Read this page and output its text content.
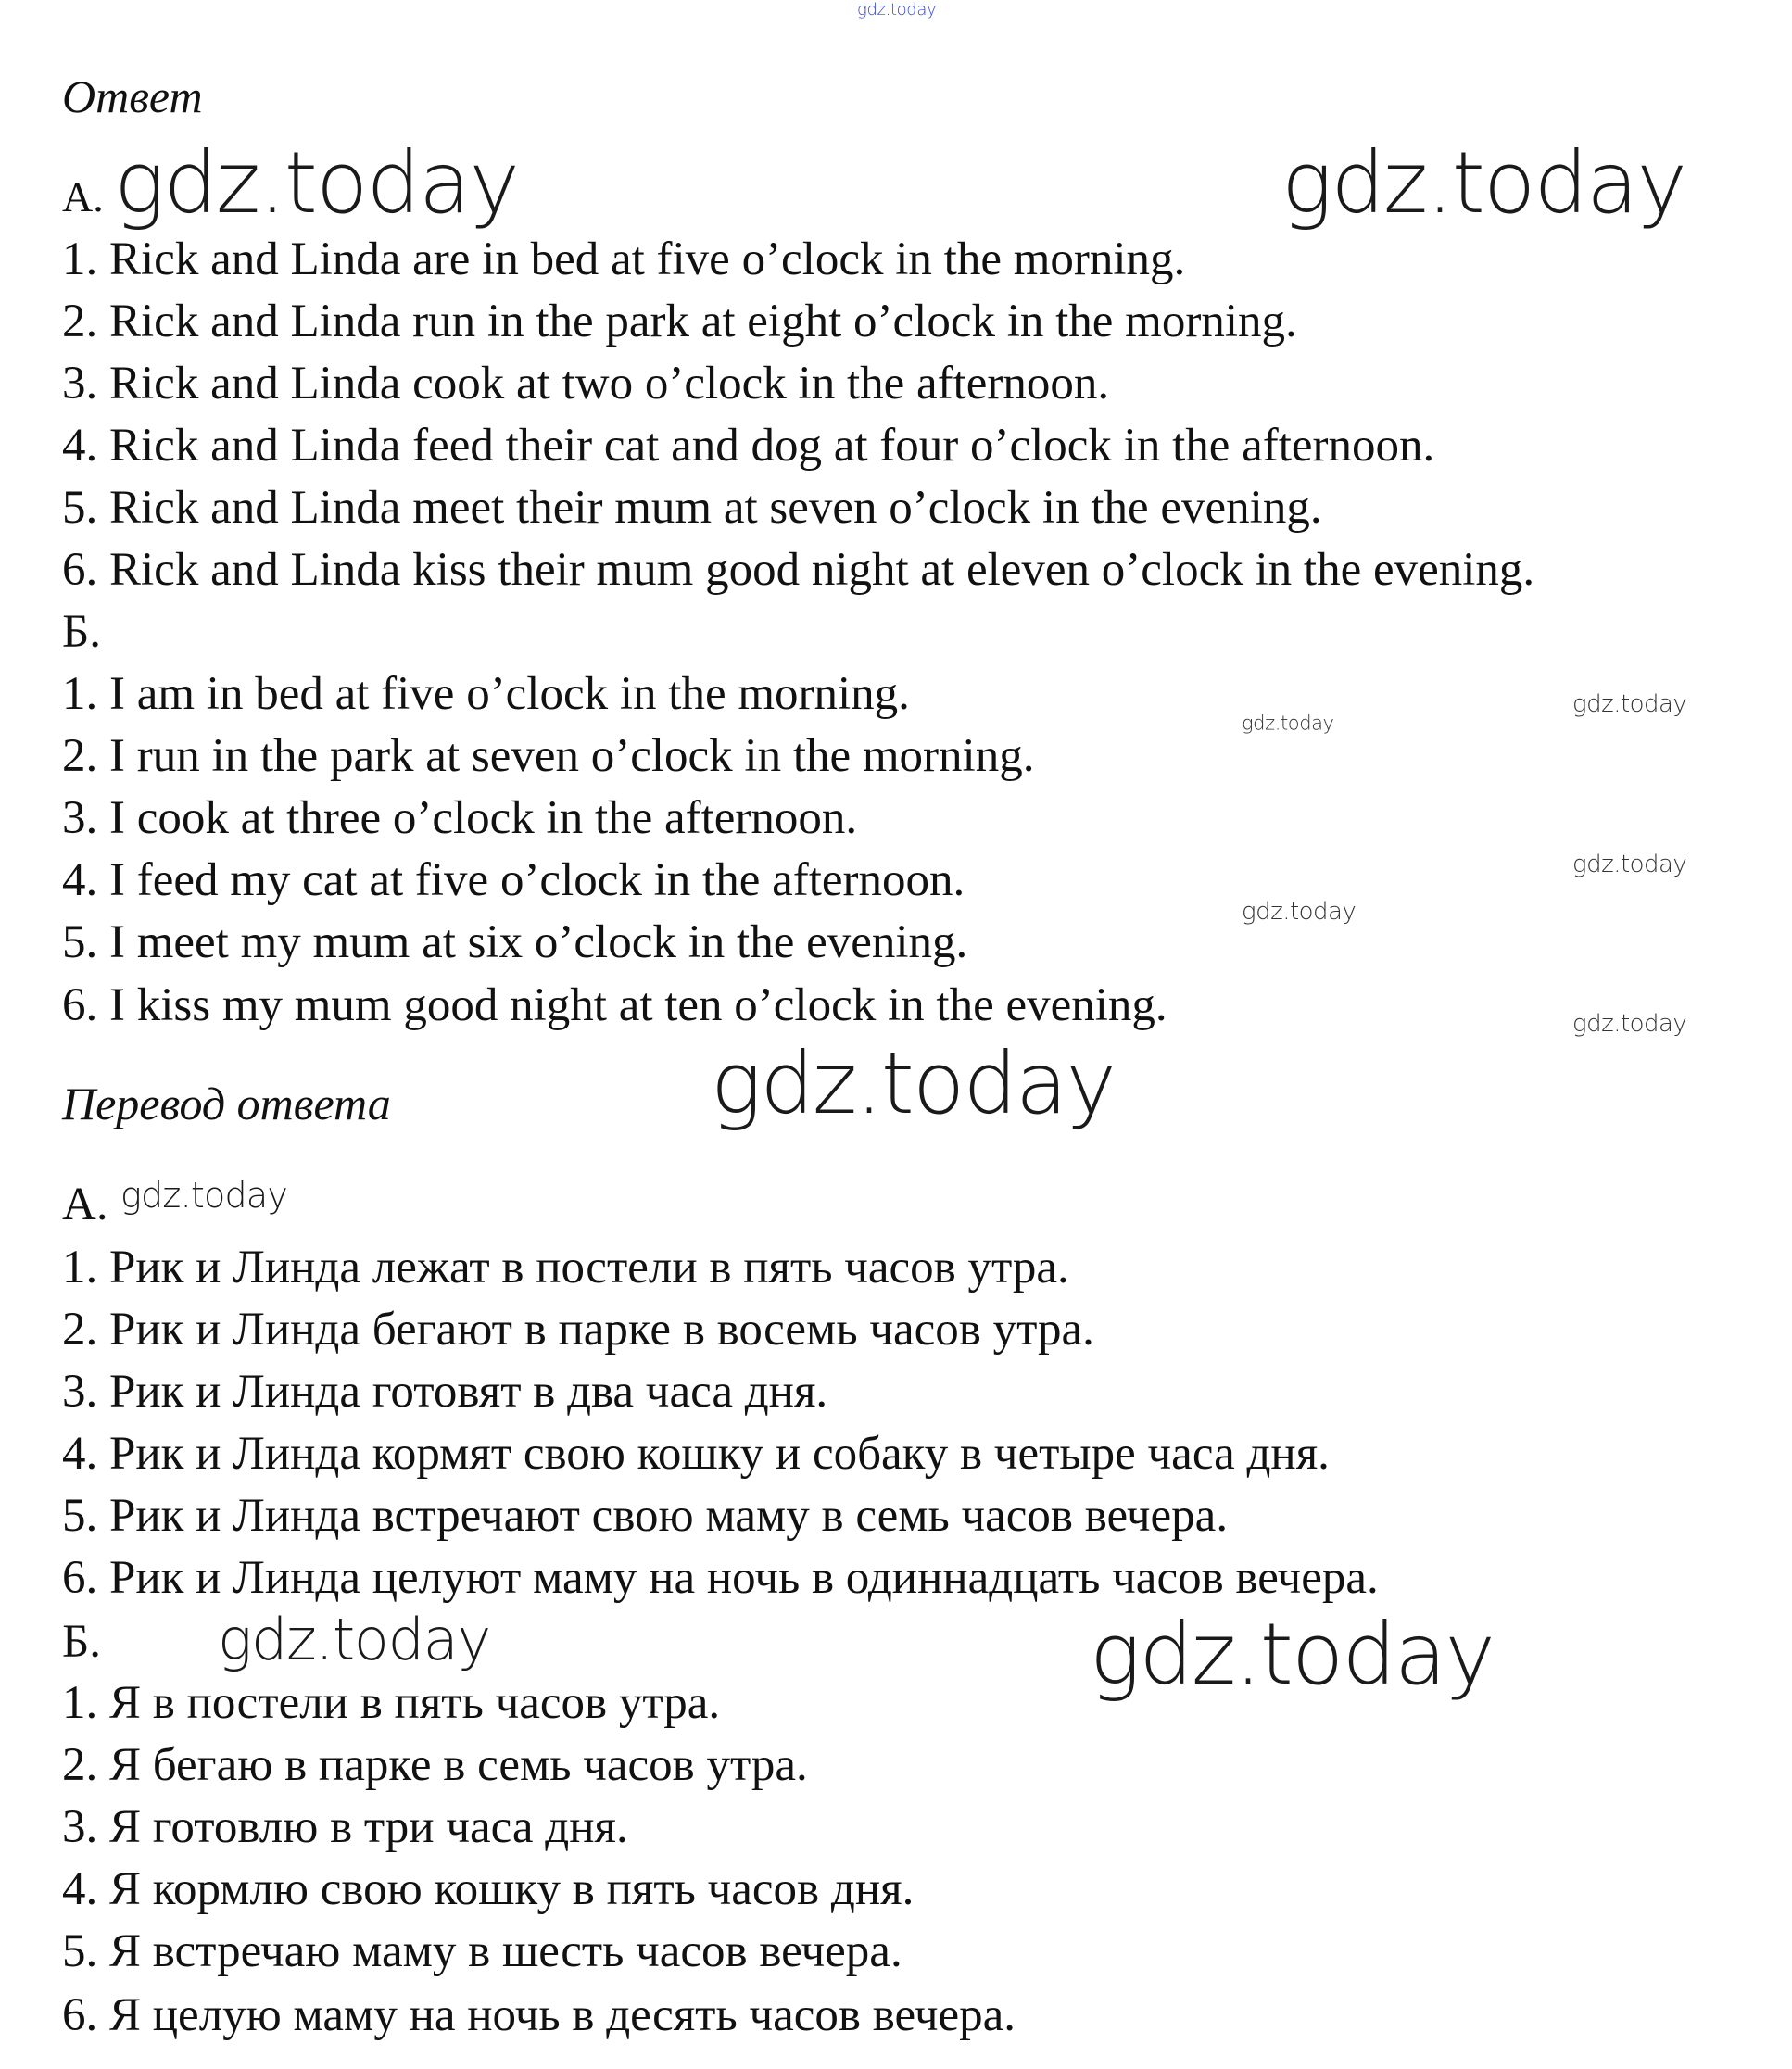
gdz.today
gdz.today	gdz.today
gdz.today
gdz.today
gdz.today
gdz.today
gdz.today
gdz.today
gdz.today
gdz.today	gdz.today
Ответ
А.
1. Rick and Linda are in bed at five o’clock in the morning.
2. Rick and Linda run in the park at eight o’clock in the morning.
3. Rick and Linda cook at two o’clock in the afternoon.
4. Rick and Linda feed their cat and dog at four o’clock in the afternoon.
5. Rick and Linda meet their mum at seven o’clock in the evening.
6. Rick and Linda kiss their mum good night at eleven o’clock in the evening.
Б.
1. I am in bed at five o’clock in the morning.
2. I run in the park at seven o’clock in the morning.
3. I cook at three o’clock in the afternoon.
4. I feed my cat at five o’clock in the afternoon.
5. I meet my mum at six o’clock in the evening.
6. I kiss my mum good night at ten o’clock in the evening.
Перевод ответа
А.
1. Рик и Линда лежат в постели в пять часов утра.
2. Рик и Линда бегают в парке в восемь часов утра.
3. Рик и Линда готовят в два часа дня.
4. Рик и Линда кормят свою кошку и собаку в четыре часа дня.
5. Рик и Линда встречают свою маму в семь часов вечера.
6. Рик и Линда целуют маму на ночь в одиннадцать часов вечера.
Б.
1. Я в постели в пять часов утра.
2. Я бегаю в парке в семь часов утра.
3. Я готовлю в три часа дня.
4. Я кормлю свою кошку в пять часов дня.
5. Я встречаю маму в шесть часов вечера.
6. Я целую маму на ночь в десять часов вечера.
